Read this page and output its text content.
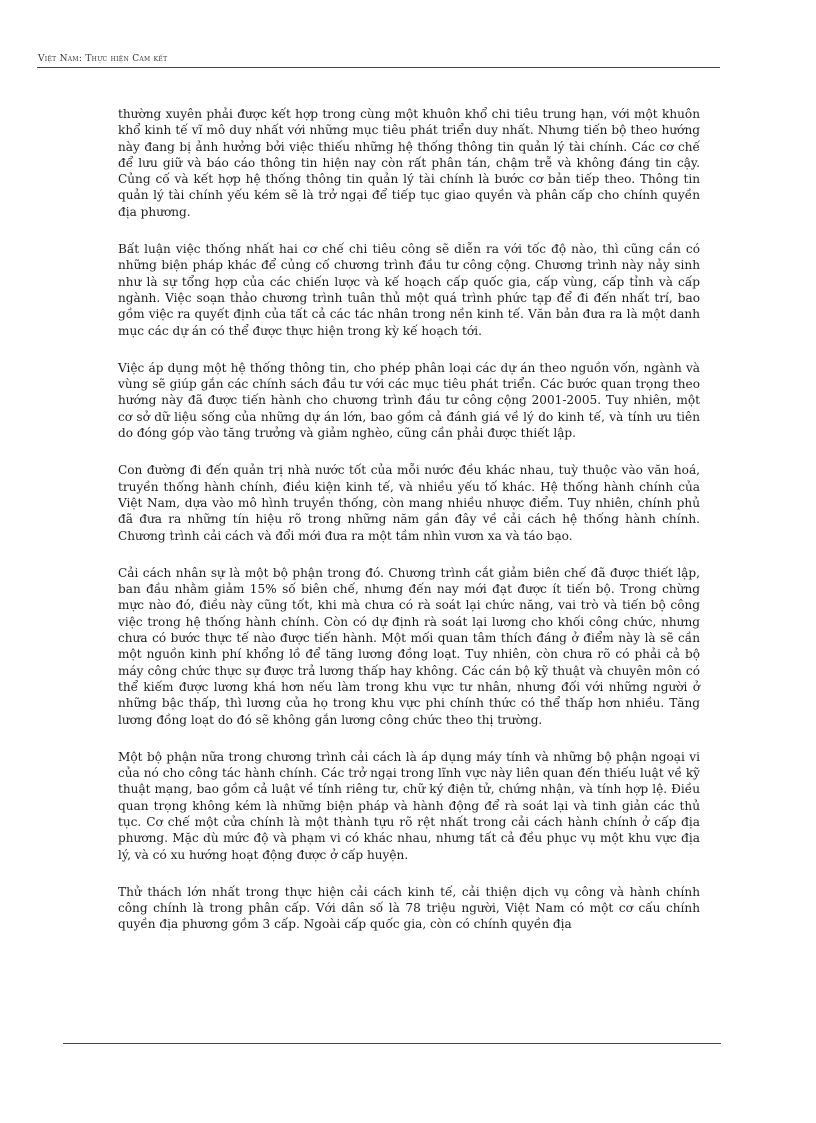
Việt Nam: Thực hiện Cam kết

thường xuyên phải được kết hợp trong cùng một khuôn khổ chi tiêu trung hạn, với một khuôn khổ kinh tế vĩ mô duy nhất với những mục tiêu phát triển duy nhất. Nhưng tiến bộ theo hướng này đang bị ảnh hưởng bởi việc thiếu những hệ thống thông tin quản lý tài chính. Các cơ chế để lưu giữ và báo cáo thông tin hiện nay còn rất phân tán, chậm trễ và không đáng tin cậy. Củng cố và kết hợp hệ thống thông tin quản lý tài chính là bước cơ bản tiếp theo. Thông tin quản lý tài chính yếu kém sẽ là trở ngại để tiếp tục giao quyền và phân cấp cho chính quyền địa phương.

Bất luận việc thống nhất hai cơ chế chi tiêu công sẽ diễn ra với tốc độ nào, thì cũng cần có những biện pháp khác để củng cố chương trình đầu tư công cộng. Chương trình này nảy sinh như là sự tổng hợp của các chiến lược và kế hoạch cấp quốc gia, cấp vùng, cấp tỉnh và cấp ngành. Việc soạn thảo chương trình tuân thủ một quá trình phức tạp để đi đến nhất trí, bao gồm việc ra quyết định của tất cả các tác nhân trong nền kinh tế. Văn bản đưa ra là một danh mục các dự án có thể được thực hiện trong kỳ kế hoạch tới.

Việc áp dụng một hệ thống thông tin, cho phép phân loại các dự án theo nguồn vốn, ngành và vùng sẽ giúp gắn các chính sách đầu tư với các mục tiêu phát triển. Các bước quan trọng theo hướng này đã được tiến hành cho chương trình đầu tư công cộng 2001-2005. Tuy nhiên, một cơ sở dữ liệu sống của những dự án lớn, bao gồm cả đánh giá về lý do kinh tế, và tính ưu tiên do đóng góp vào tăng trưởng và giảm nghèo, cũng cần phải được thiết lập.

Con đường đi đến quản trị nhà nước tốt của mỗi nước đều khác nhau, tuỳ thuộc vào văn hoá, truyền thống hành chính, điều kiện kinh tế, và nhiều yếu tố khác. Hệ thống hành chính của Việt Nam, dựa vào mô hình truyền thống, còn mang nhiều nhược điểm. Tuy nhiên, chính phủ đã đưa ra những tín hiệu rõ trong những năm gần đây về cải cách hệ thống hành chính. Chương trình cải cách và đổi mới đưa ra một tầm nhìn vươn xa và táo bạo.

Cải cách nhân sự là một bộ phận trong đó. Chương trình cắt giảm biên chế đã được thiết lập, ban đầu nhằm giảm 15% số biên chế, nhưng đến nay mới đạt được ít tiến bộ. Trong chừng mực nào đó, điều này cũng tốt, khi mà chưa có rà soát lại chức năng, vai trò và tiến bộ công việc trong hệ thống hành chính. Còn có dự định rà soát lại lương cho khối công chức, nhưng chưa có bước thực tế nào được tiến hành. Một mối quan tâm thích đáng ở điểm này là sẽ cần một nguồn kinh phí khổng lồ để tăng lương đồng loạt. Tuy nhiên, còn chưa rõ có phải cả bộ máy công chức thực sự được trả lương thấp hay không. Các cán bộ kỹ thuật và chuyên môn có thể kiếm được lương khá hơn nếu làm trong khu vực tư nhân, nhưng đối với những người ở những bậc thấp, thì lương của họ trong khu vực phi chính thức có thể thấp hơn nhiều. Tăng lương đồng loạt do đó sẽ không gắn lương công chức theo thị trường.

Một bộ phận nữa trong chương trình cải cách là áp dụng máy tính và những bộ phận ngoại vi của nó cho công tác hành chính. Các trở ngại trong lĩnh vực này liên quan đến thiếu luật về kỹ thuật mạng, bao gồm cả luật về tính riêng tư, chữ ký điện tử, chứng nhận, và tính hợp lệ. Điều quan trọng không kém là những biện pháp và hành động để rà soát lại và tinh giản các thủ tục. Cơ chế một cửa chính là một thành tựu rõ rệt nhất trong cải cách hành chính ở cấp địa phương. Mặc dù mức độ và phạm vi có khác nhau, nhưng tất cả đều phục vụ một khu vực địa lý, và có xu hướng hoạt động được ở cấp huyện.

Thử thách lớn nhất trong thực hiện cải cách kinh tế, cải thiện dịch vụ công và hành chính công chính là trong phân cấp. Với dân số là 78 triệu người, Việt Nam có một cơ cấu chính quyền địa phương gồm 3 cấp. Ngoài cấp quốc gia, còn có chính quyền địa
